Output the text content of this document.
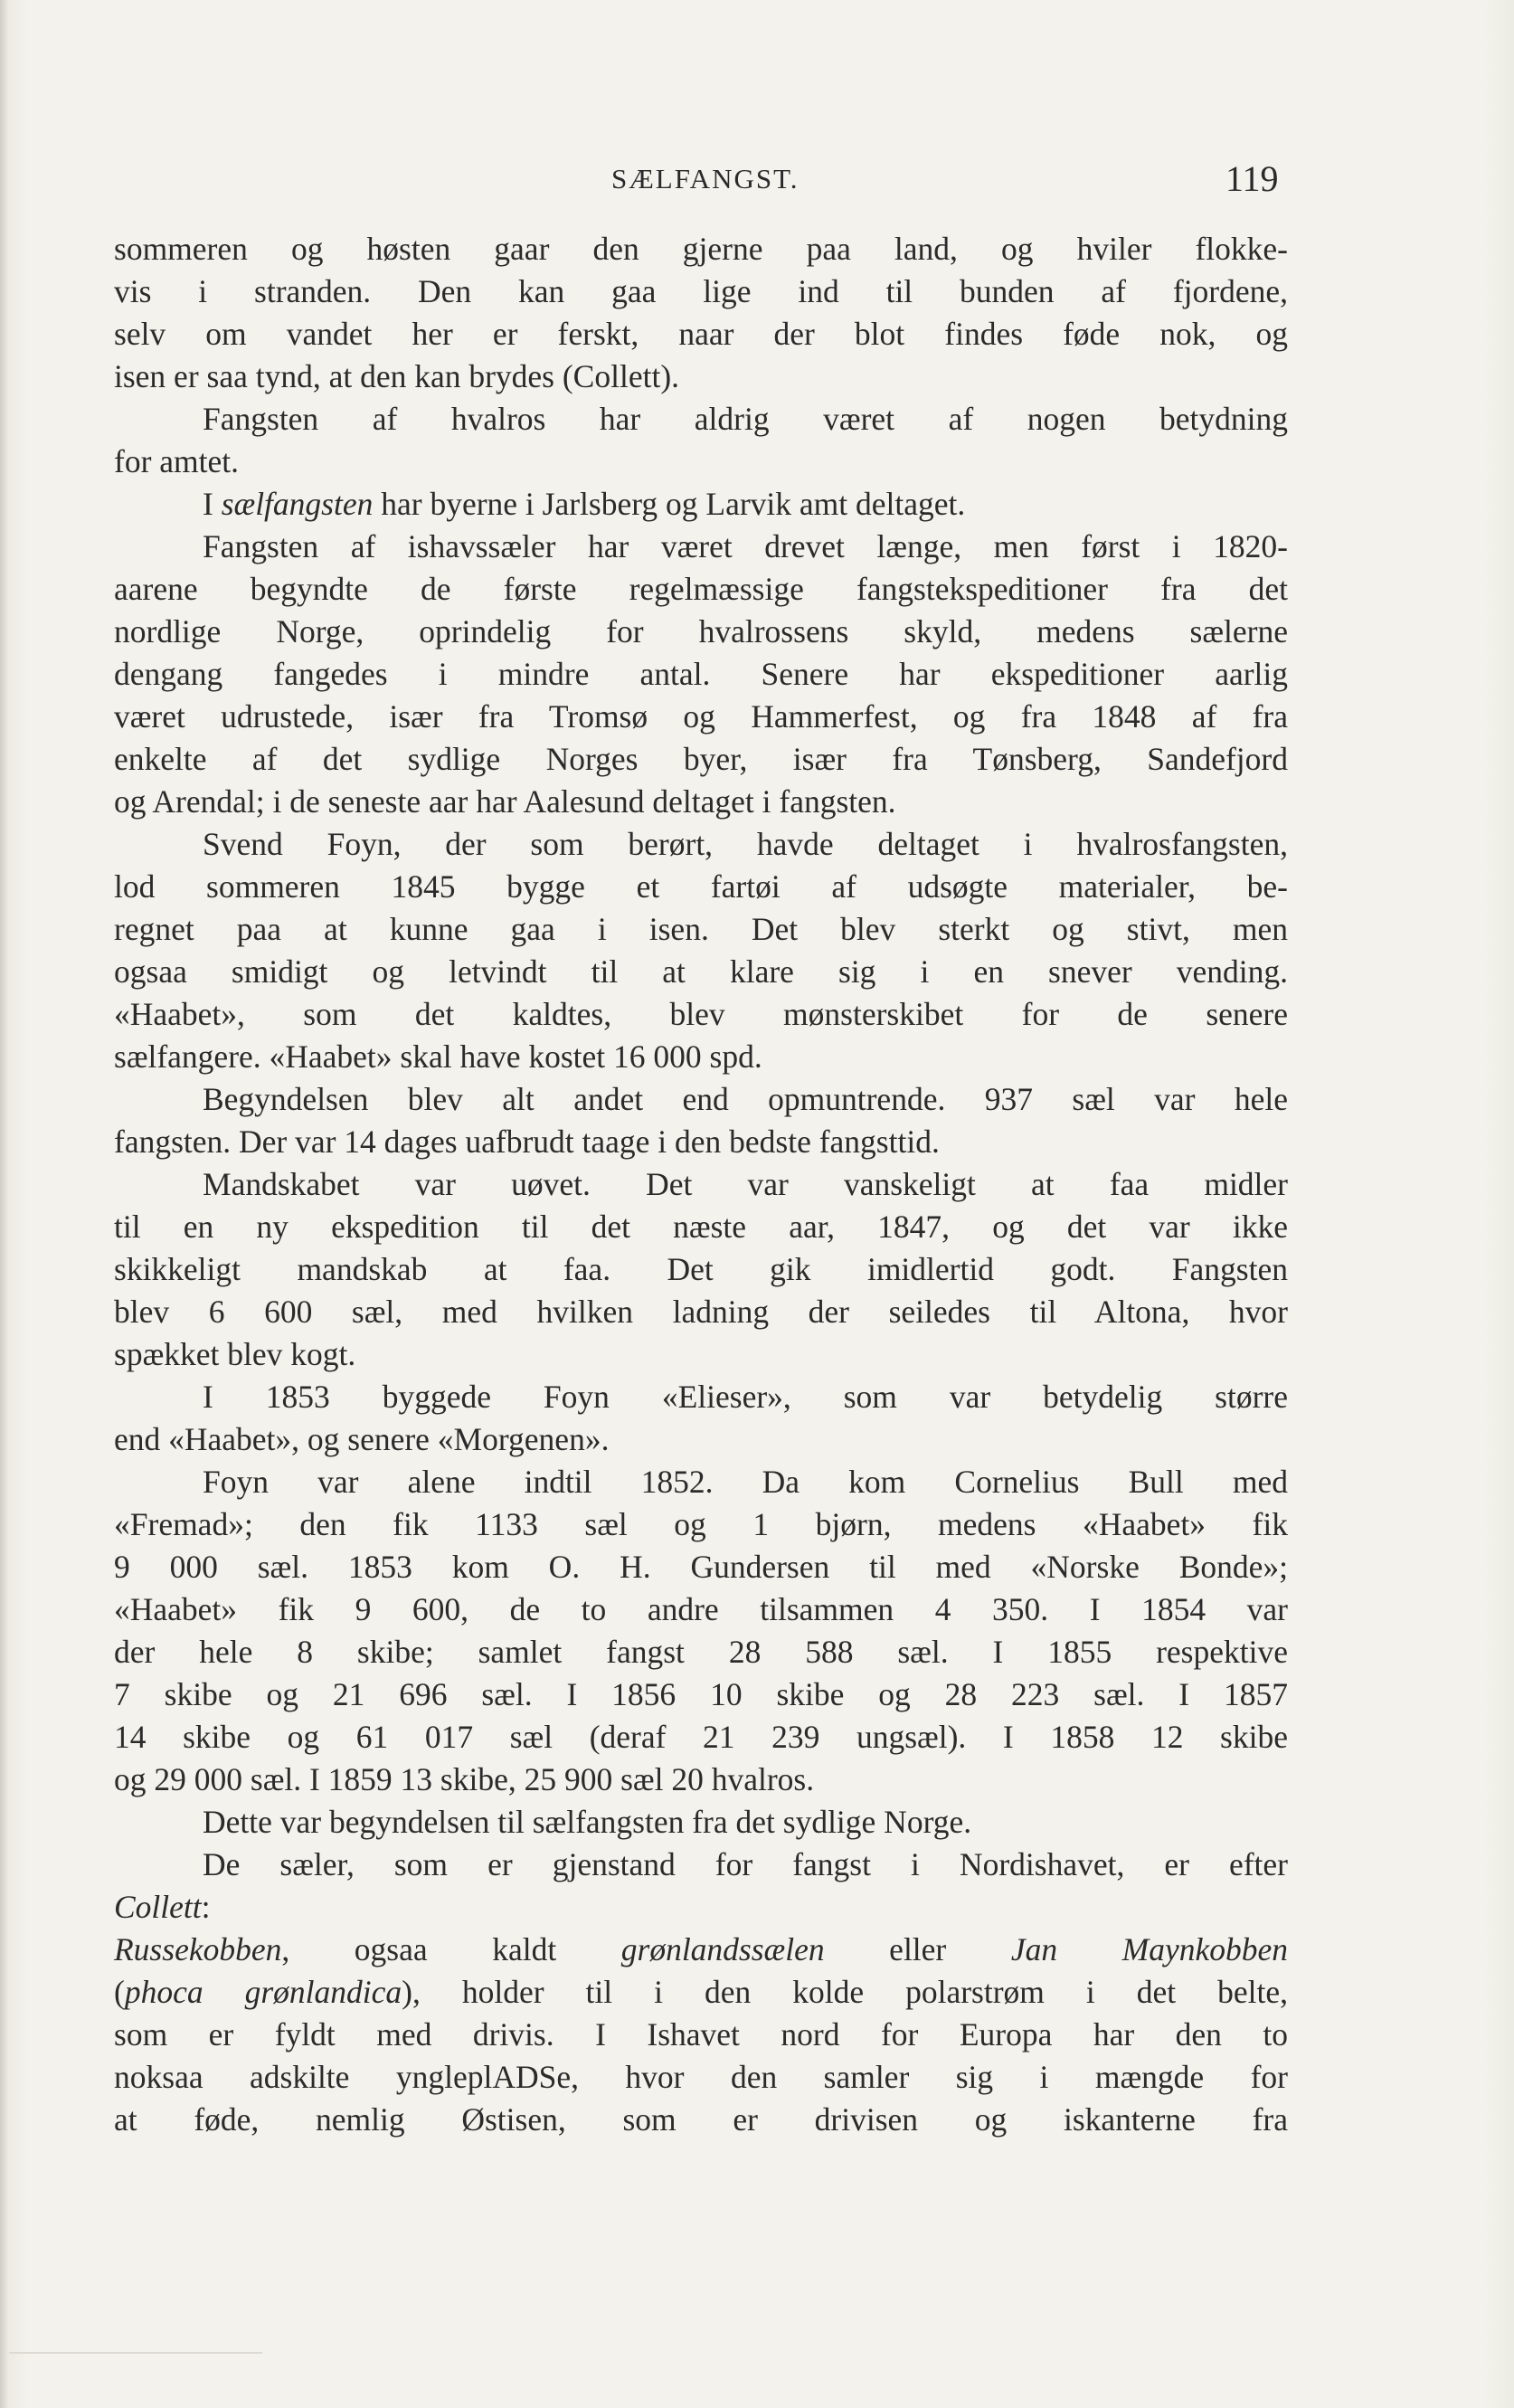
SÆLFANGST.	119
sommeren og høsten gaar den gjerne paa land, og hviler flokke-
vis i stranden. Den kan gaa lige ind til bunden af fjordene,
selv om vandet her er ferskt, naar der blot findes føde nok, og
isen er saa tynd, at den kan brydes (Collett).
Fangsten af hvalros har aldrig været af nogen betydning
for amtet.
I sælfangsten har byerne i Jarlsberg og Larvik amt deltaget.
Fangsten af ishavssæler har været drevet længe, men først i 1820-
aarene begyndte de første regelmæssige fangstekspeditioner fra det
nordlige Norge, oprindelig for hvalrossens skyld, medens sælerne
dengang fangedes i mindre antal. Senere har ekspeditioner aarlig
været udrustede, især fra Tromsø og Hammerfest, og fra 1848 af fra
enkelte af det sydlige Norges byer, især fra Tønsberg, Sandefjord
og Arendal; i de seneste aar har Aalesund deltaget i fangsten.
Svend Foyn, der som berørt, havde deltaget i hvalrosfangsten,
lod sommeren 1845 bygge et fartøi af udsøgte materialer, be-
regnet paa at kunne gaa i isen. Det blev sterkt og stivt, men
ogsaa smidigt og letvindt til at klare sig i en snever vending.
«Haabet», som det kaldtes, blev mønsterskibet for de senere
sælfangere. «Haabet» skal have kostet 16 000 spd.
Begyndelsen blev alt andet end opmuntrende. 937 sæl var hele
fangsten. Der var 14 dages uafbrudt taage i den bedste fangsttid.
Mandskabet var uøvet. Det var vanskeligt at faa midler
til en ny ekspedition til det næste aar, 1847, og det var ikke
skikkeligt mandskab at faa. Det gik imidlertid godt. Fangsten
blev 6 600 sæl, med hvilken ladning der seiledes til Altona, hvor
spækket blev kogt.
I 1853 byggede Foyn «Elieser», som var betydelig større
end «Haabet», og senere «Morgenen».
Foyn var alene indtil 1852. Da kom Cornelius Bull med
«Fremad»; den fik 1133 sæl og 1 bjørn, medens «Haabet» fik
9 000 sæl. 1853 kom O. H. Gundersen til med «Norske Bonde»;
«Haabet» fik 9 600, de to andre tilsammen 4 350. I 1854 var
der hele 8 skibe; samlet fangst 28 588 sæl. I 1855 respektive
7 skibe og 21 696 sæl. I 1856 10 skibe og 28 223 sæl. I 1857
14 skibe og 61 017 sæl (deraf 21 239 ungsæl). I 1858 12 skibe
og 29 000 sæl. I 1859 13 skibe, 25 900 sæl 20 hvalros.
Dette var begyndelsen til sælfangsten fra det sydlige Norge.
De sæler, som er gjenstand for fangst i Nordishavet, er efter
Collett:
Russekobben, ogsaa kaldt grønlandssælen eller Jan Maynkobben
(phoca grønlandica), holder til i den kolde polarstrøm i det belte,
som er fyldt med drivis. I Ishavet nord for Europa har den to
noksaa adskilte yngleplADSe, hvor den samler sig i mængde for
at føde, nemlig Østisen, som er drivisen og iskanterne fra
